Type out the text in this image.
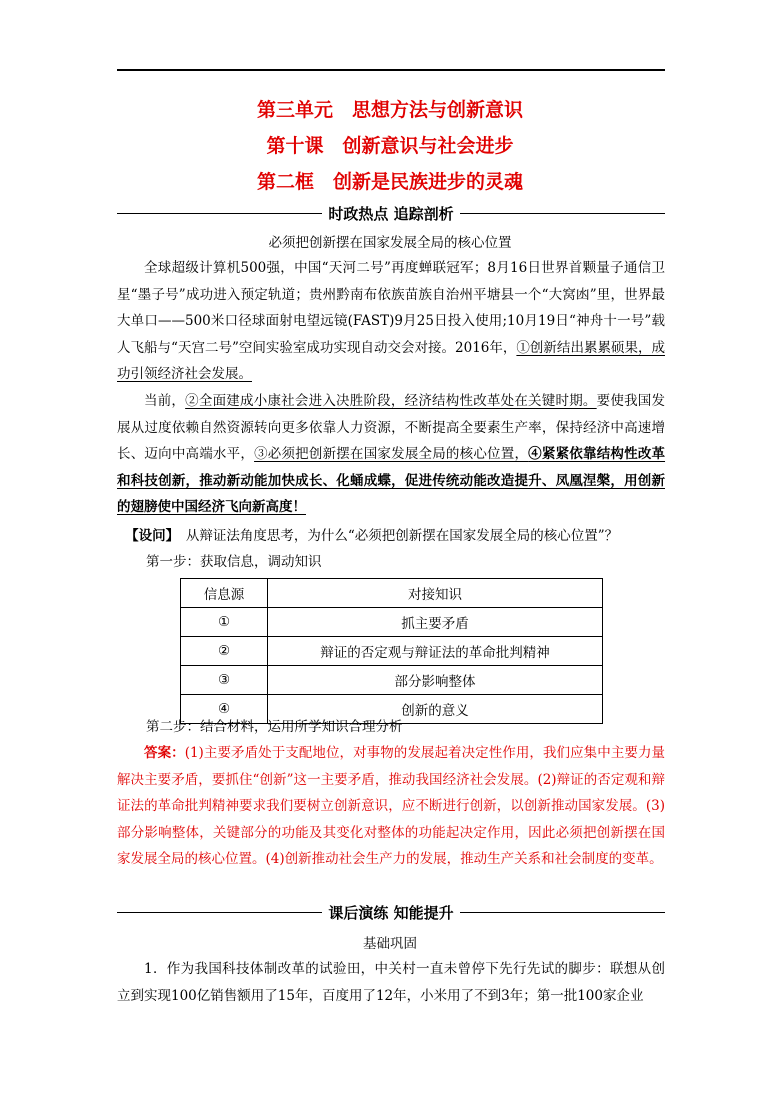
第三单元　思想方法与创新意识
第十课　创新意识与社会进步
第二框　创新是民族进步的灵魂
时政热点 追踪剖析
必须把创新摆在国家发展全局的核心位置
全球超级计算机500强，中国“天河二号”再度蝉联冠军；8月16日世界首颗量子通信卫星“墨子号”成功进入预定轨道；贵州黔南布依族苗族自治州平塘县一个“大窝凼”里，世界最大单口——500米口径球面射电望远镜(FAST)9月25日投入使用;10月19日“神舟十一号”载人飞船与“天宫二号”空间实验室成功实现自动交会对接。2016年，①创新结出累累硕果，成功引领经济社会发展。
当前，②全面建成小康社会进入决胜阶段，经济结构性改革处在关键时期。要使我国发展从过度依赖自然资源转向更多依靠人力资源，不断提高全要素生产率，保持经济中高速增长、迈向中高端水平，③必须把创新摆在国家发展全局的核心位置，④紧紧依靠结构性改革和科技创新，推动新动能加快成长、化蛹成蝶，促进传统动能改造提升、凤凰涅槃，用创新的翅膀使中国经济飞向新高度！
【设问】　从辩证法角度思考，为什么“必须把创新摆在国家发展全局的核心位置”？
第一步：获取信息，调动知识
信息源	对接知识
①	抓主要矛盾
②	辩证的否定观与辩证法的革命批判精神
③	部分影响整体
④	创新的意义
第二步：结合材料，运用所学知识合理分析
答案：(1)主要矛盾处于支配地位，对事物的发展起着决定性作用，我们应集中主要力量解决主要矛盾，要抓住“创新”这一主要矛盾，推动我国经济社会发展。(2)辩证的否定观和辩证法的革命批判精神要求我们要树立创新意识，应不断进行创新，以创新推动国家发展。(3)部分影响整体，关键部分的功能及其变化对整体的功能起决定作用，因此必须把创新摆在国家发展全局的核心位置。(4)创新推动社会生产力的发展，推动生产关系和社会制度的变革。
课后演练 知能提升
基础巩固
1．作为我国科技体制改革的试验田，中关村一直未曾停下先行先试的脚步：联想从创立到实现100亿销售额用了15年，百度用了12年，小米用了不到3年；第一批100家企业
